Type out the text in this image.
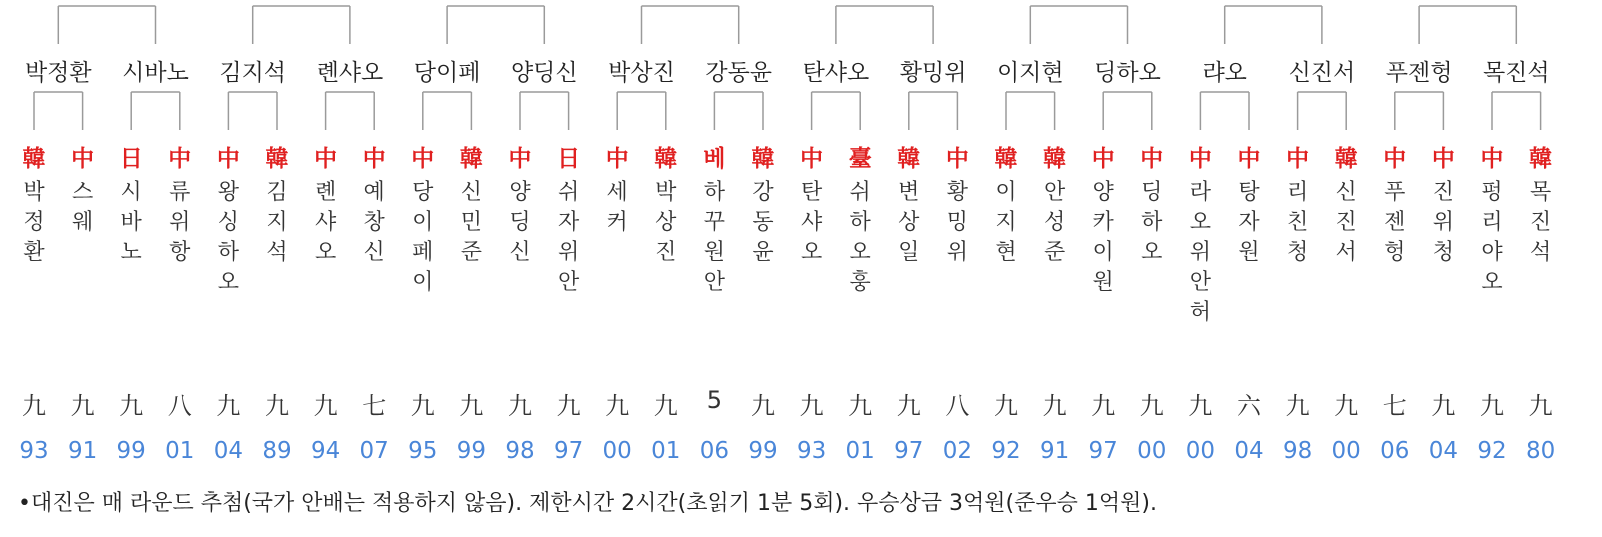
박정환 시바노 김지석 롄샤오 당이페 양딩신 박상진 강동윤 탄샤오 황밍위 이지현 딩하오 랴오 신진서 푸젠헝 목진석
韓
박
정
환
九
93
中
스
웨
九
91
日
시
바
노
九
99
中
류
위
항
八
01
中
왕
싱
하
오
九
04
韓
김
지
석
九
89
中
롄
샤
오
九
94
中
예
창
신
七
07
中
당
이
페
이
九
95
韓
신
민
준
九
99
中
양
딩
신
九
98
日
쉬
자
위
안
九
97
中
세
커
九
00
韓
박
상
진
九
01
베
하
꾸
원
안
5
06
韓
강
동
윤
九
99
中
탄
샤
오
九
93
臺
쉬
하
오
훙
九
01
韓
변
상
일
九
97
中
황
밍
위
八
02
韓
이
지
현
九
92
韓
안
성
준
九
91
中
양
카
이
원
九
97
中
딩
하
오
九
00
中
라
오
위
안
허
九
00
中
탕
자
원
六
04
中
리
친
청
九
98
韓
신
진
서
九
00
中
푸
젠
헝
七
06
中
진
위
청
九
04
中
펑
리
야
오
九
92
韓
목
진
석
九
80
•대진은 매 라운드 추첨(국가 안배는 적용하지 않음). 제한시간 2시간(초읽기 1분 5회). 우승상금 3억원(준우승 1억원).
